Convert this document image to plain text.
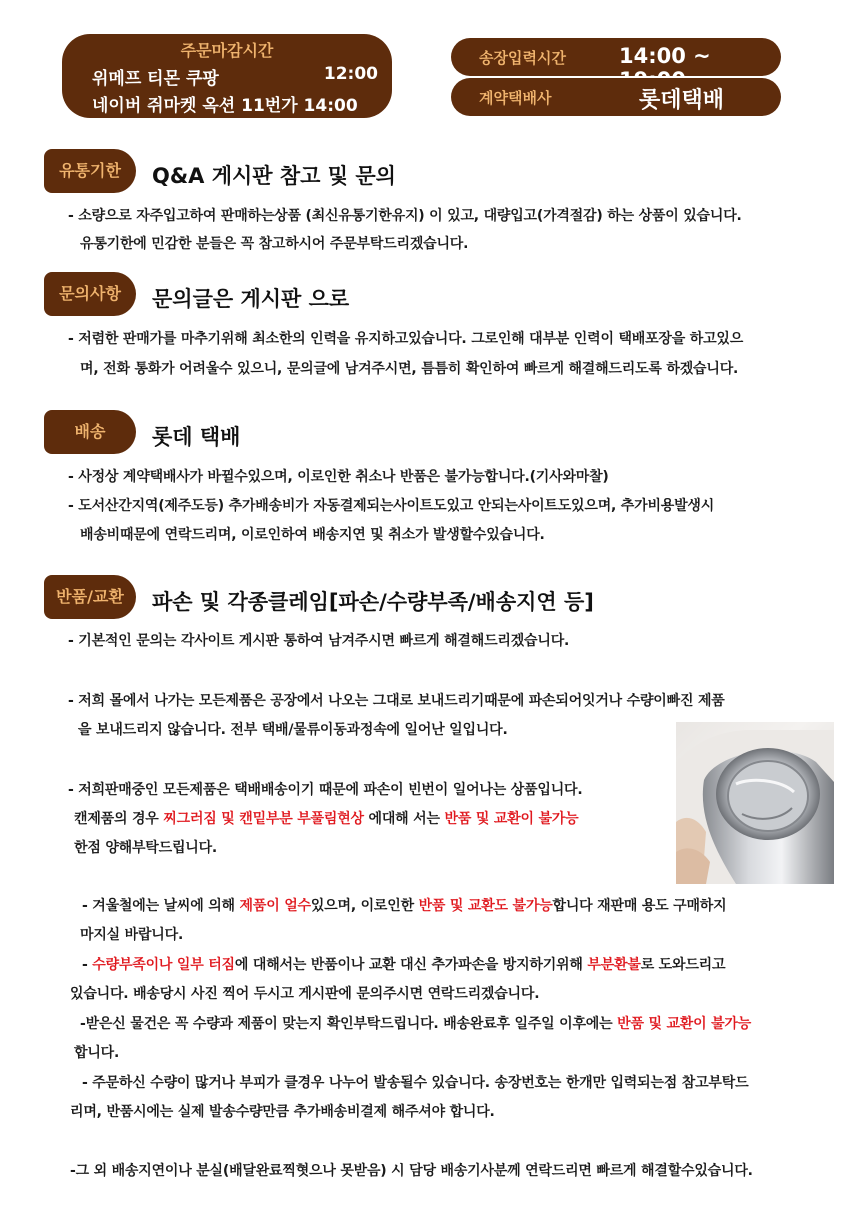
주문마감시간
위메프 티몬 쿠팡	12:00
네이버 쥐마켓 옥션 11번가 14:00
송장입력시간	14:00 ~
계약택배사	롯데택배
유통기한	Q&A 게시판 참고 및 문의
- 소량으로 자주입고하여 판매하는상품 (최신유통기한유지) 이 있고, 대량입고(가격절감) 하는 상품이 있습니다.
유통기한에 민감한 분들은 꼭 참고하시어 주문부탁드리겠습니다.
문의사항	문의글은 게시판 으로
- 저렴한 판매가를 마추기위해 최소한의 인력을 유지하고있습니다. 그로인해 대부분 인력이 택배포장을 하고있으
며, 전화 통화가 어려울수 있으니, 문의글에 남겨주시면, 틈틈히 확인하여 빠르게 해결해드리도록 하겠습니다.
배송	롯데 택배
- 사정상 계약택배사가 바뀔수있으며, 이로인한 취소나 반품은 불가능합니다.(기사와마찰)
- 도서산간지역(제주도등) 추가배송비가 자동결제되는사이트도있고 안되는사이트도있으며, 추가비용발생시
배송비때문에 연락드리며, 이로인하여 배송지연 및 취소가 발생할수있습니다.
반품/교환	파손 및 각종클레임[파손/수량부족/배송지연 등]
- 기본적인 문의는 각사이트 게시판 통하여 남겨주시면 빠르게 해결해드리겠습니다.
- 저희 몰에서 나가는 모든제품은 공장에서 나오는 그대로 보내드리기때문에 파손되어잇거나 수량이빠진 제품
을 보내드리지 않습니다. 전부 택배/물류이동과정속에 일어난 일입니다.
- 저희판매중인 모든제품은 택배배송이기 때문에 파손이 빈번이 일어나는 상품입니다.
캔제품의 경우 찌그러짐 및 캔밑부분 부풀림현상 에대해 서는 반품 및 교환이 불가능
한점 양해부탁드립니다.
- 겨울철에는 날씨에 의해 제품이 얼수있으며, 이로인한 반품 및 교환도 불가능합니다 재판매 용도 구매하지
마지실 바랍니다.
- 수량부족이나 일부 터짐에 대해서는 반품이나 교환 대신 추가파손을 방지하기위해 부분환불로 도와드리고
있습니다. 배송당시 사진 찍어 두시고 게시판에 문의주시면 연락드리겠습니다.
-받은신 물건은 꼭 수량과 제품이 맞는지 확인부탁드립니다. 배송완료후 일주일 이후에는 반품 및 교환이 불가능
합니다.
- 주문하신 수량이 많거나 부피가 클경우 나누어 발송될수 있습니다. 송장번호는 한개만 입력되는점 참고부탁드
리며, 반품시에는 실제 발송수량만큼 추가배송비결제 해주셔야 합니다.
-그 외 배송지연이나 분실(배달완료찍혓으나 못받음) 시 담당 배송기사분께 연락드리면 빠르게 해결할수있습니다.
